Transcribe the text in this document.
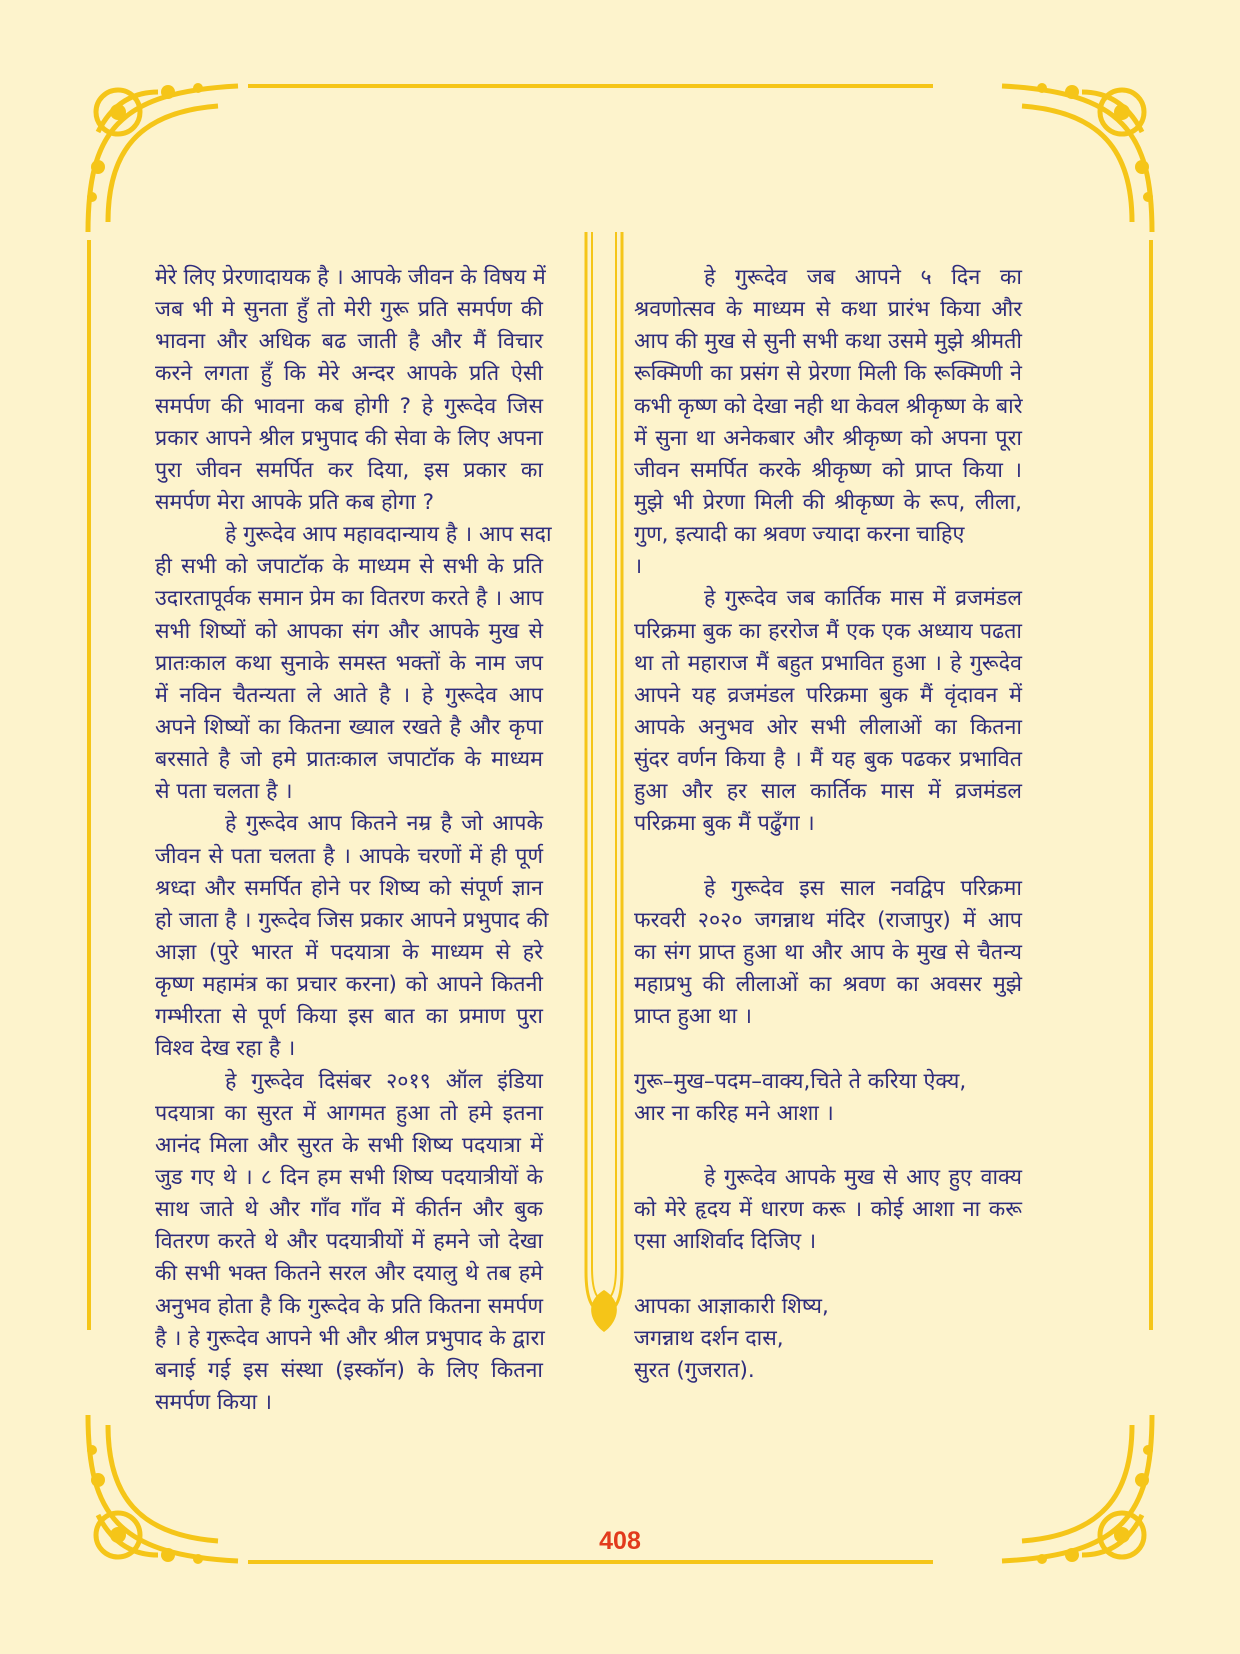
मेरे लिए प्रेरणादायक है । आपके जीवन के विषय में
जब भी मे सुनता हुँ तो मेरी गुरू प्रति समर्पण की
भावना और अधिक बढ जाती है और मैं विचार
करने लगता हुँ कि मेरे अन्दर आपके प्रति ऐसी
समर्पण की भावना कब होगी ? हे गुरूदेव जिस
प्रकार आपने श्रील प्रभुपाद की सेवा के लिए अपना
पुरा जीवन समर्पित कर दिया, इस प्रकार का
समर्पण मेरा आपके प्रति कब होगा ?
हे गुरूदेव आप महावदान्याय है । आप सदा
ही सभी को जपाटॉक के माध्यम से सभी के प्रति
उदारतापूर्वक समान प्रेम का वितरण करते है । आप
सभी शिष्यों को आपका संग और आपके मुख से
प्रातःकाल कथा सुनाके समस्त भक्तों के नाम जप
में नविन चैतन्यता ले आते है । हे गुरूदेव आप
अपने शिष्यों का कितना ख्याल रखते है और कृपा
बरसाते है जो हमे प्रातःकाल जपाटॉक के माध्यम
से पता चलता है ।
हे गुरूदेव आप कितने नम्र है जो आपके
जीवन से पता चलता है । आपके चरणों में ही पूर्ण
श्रध्दा और समर्पित होने पर शिष्य को संपूर्ण ज्ञान
हो जाता है । गुरूदेव जिस प्रकार आपने प्रभुपाद की
आज्ञा (पुरे भारत में पदयात्रा के माध्यम से हरे
कृष्ण महामंत्र का प्रचार करना) को आपने कितनी
गम्भीरता से पूर्ण किया इस बात का प्रमाण पुरा
विश्व देख रहा है ।
हे गुरूदेव दिसंबर २०१९ ऑल इंडिया
पदयात्रा का सुरत में आगमत हुआ तो हमे इतना
आनंद मिला और सुरत के सभी शिष्य पदयात्रा में
जुड गए थे । ८ दिन हम सभी शिष्य पदयात्रीयों के
साथ जाते थे और गाँव गाँव में कीर्तन और बुक
वितरण करते थे और पदयात्रीयों में हमने जो देखा
की सभी भक्त कितने सरल और दयालु थे तब हमे
अनुभव होता है कि गुरूदेव के प्रति कितना समर्पण
है । हे गुरूदेव आपने भी और श्रील प्रभुपाद के द्वारा
बनाई गई इस संस्था (इस्कॉन) के लिए कितना
समर्पण किया ।
हे गुरूदेव जब आपने ५ दिन का
श्रवणोत्सव के माध्यम से कथा प्रारंभ किया और
आप की मुख से सुनी सभी कथा उसमे मुझे श्रीमती
रूक्मिणी का प्रसंग से प्रेरणा मिली कि रूक्मिणी ने
कभी कृष्ण को देखा नही था केवल श्रीकृष्ण के बारे
में सुना था अनेकबार और श्रीकृष्ण को अपना पूरा
जीवन समर्पित करके श्रीकृष्ण को प्राप्त किया ।
मुझे भी प्रेरणा मिली की श्रीकृष्ण के रूप, लीला,
गुण, इत्यादी का श्रवण ज्यादा करना चाहिए
।
हे गुरूदेव जब कार्तिक मास में व्रजमंडल
परिक्रमा बुक का हररोज मैं एक एक अध्याय पढता
था तो महाराज मैं बहुत प्रभावित हुआ । हे गुरूदेव
आपने यह व्रजमंडल परिक्रमा बुक मैं वृंदावन में
आपके अनुभव ओर सभी लीलाओं का कितना
सुंदर वर्णन किया है । मैं यह बुक पढकर प्रभावित
हुआ और हर साल कार्तिक मास में व्रजमंडल
परिक्रमा बुक मैं पढुँगा ।
हे गुरूदेव इस साल नवद्विप परिक्रमा
फरवरी २०२० जगन्नाथ मंदिर (राजापुर) में आप
का संग प्राप्त हुआ था और आप के मुख से चैतन्य
महाप्रभु की लीलाओं का श्रवण का अवसर मुझे
प्राप्त हुआ था ।
गुरू–मुख–पदम–वाक्य,चिते ते करिया ऐक्य,
आर ना करिह मने आशा ।
हे गुरूदेव आपके मुख से आए हुए वाक्य
को मेरे हृदय में धारण करू । कोई आशा ना करू
एसा आशिर्वाद दिजिए ।
आपका आज्ञाकारी शिष्य,
जगन्नाथ दर्शन दास,
सुरत (गुजरात).
408
